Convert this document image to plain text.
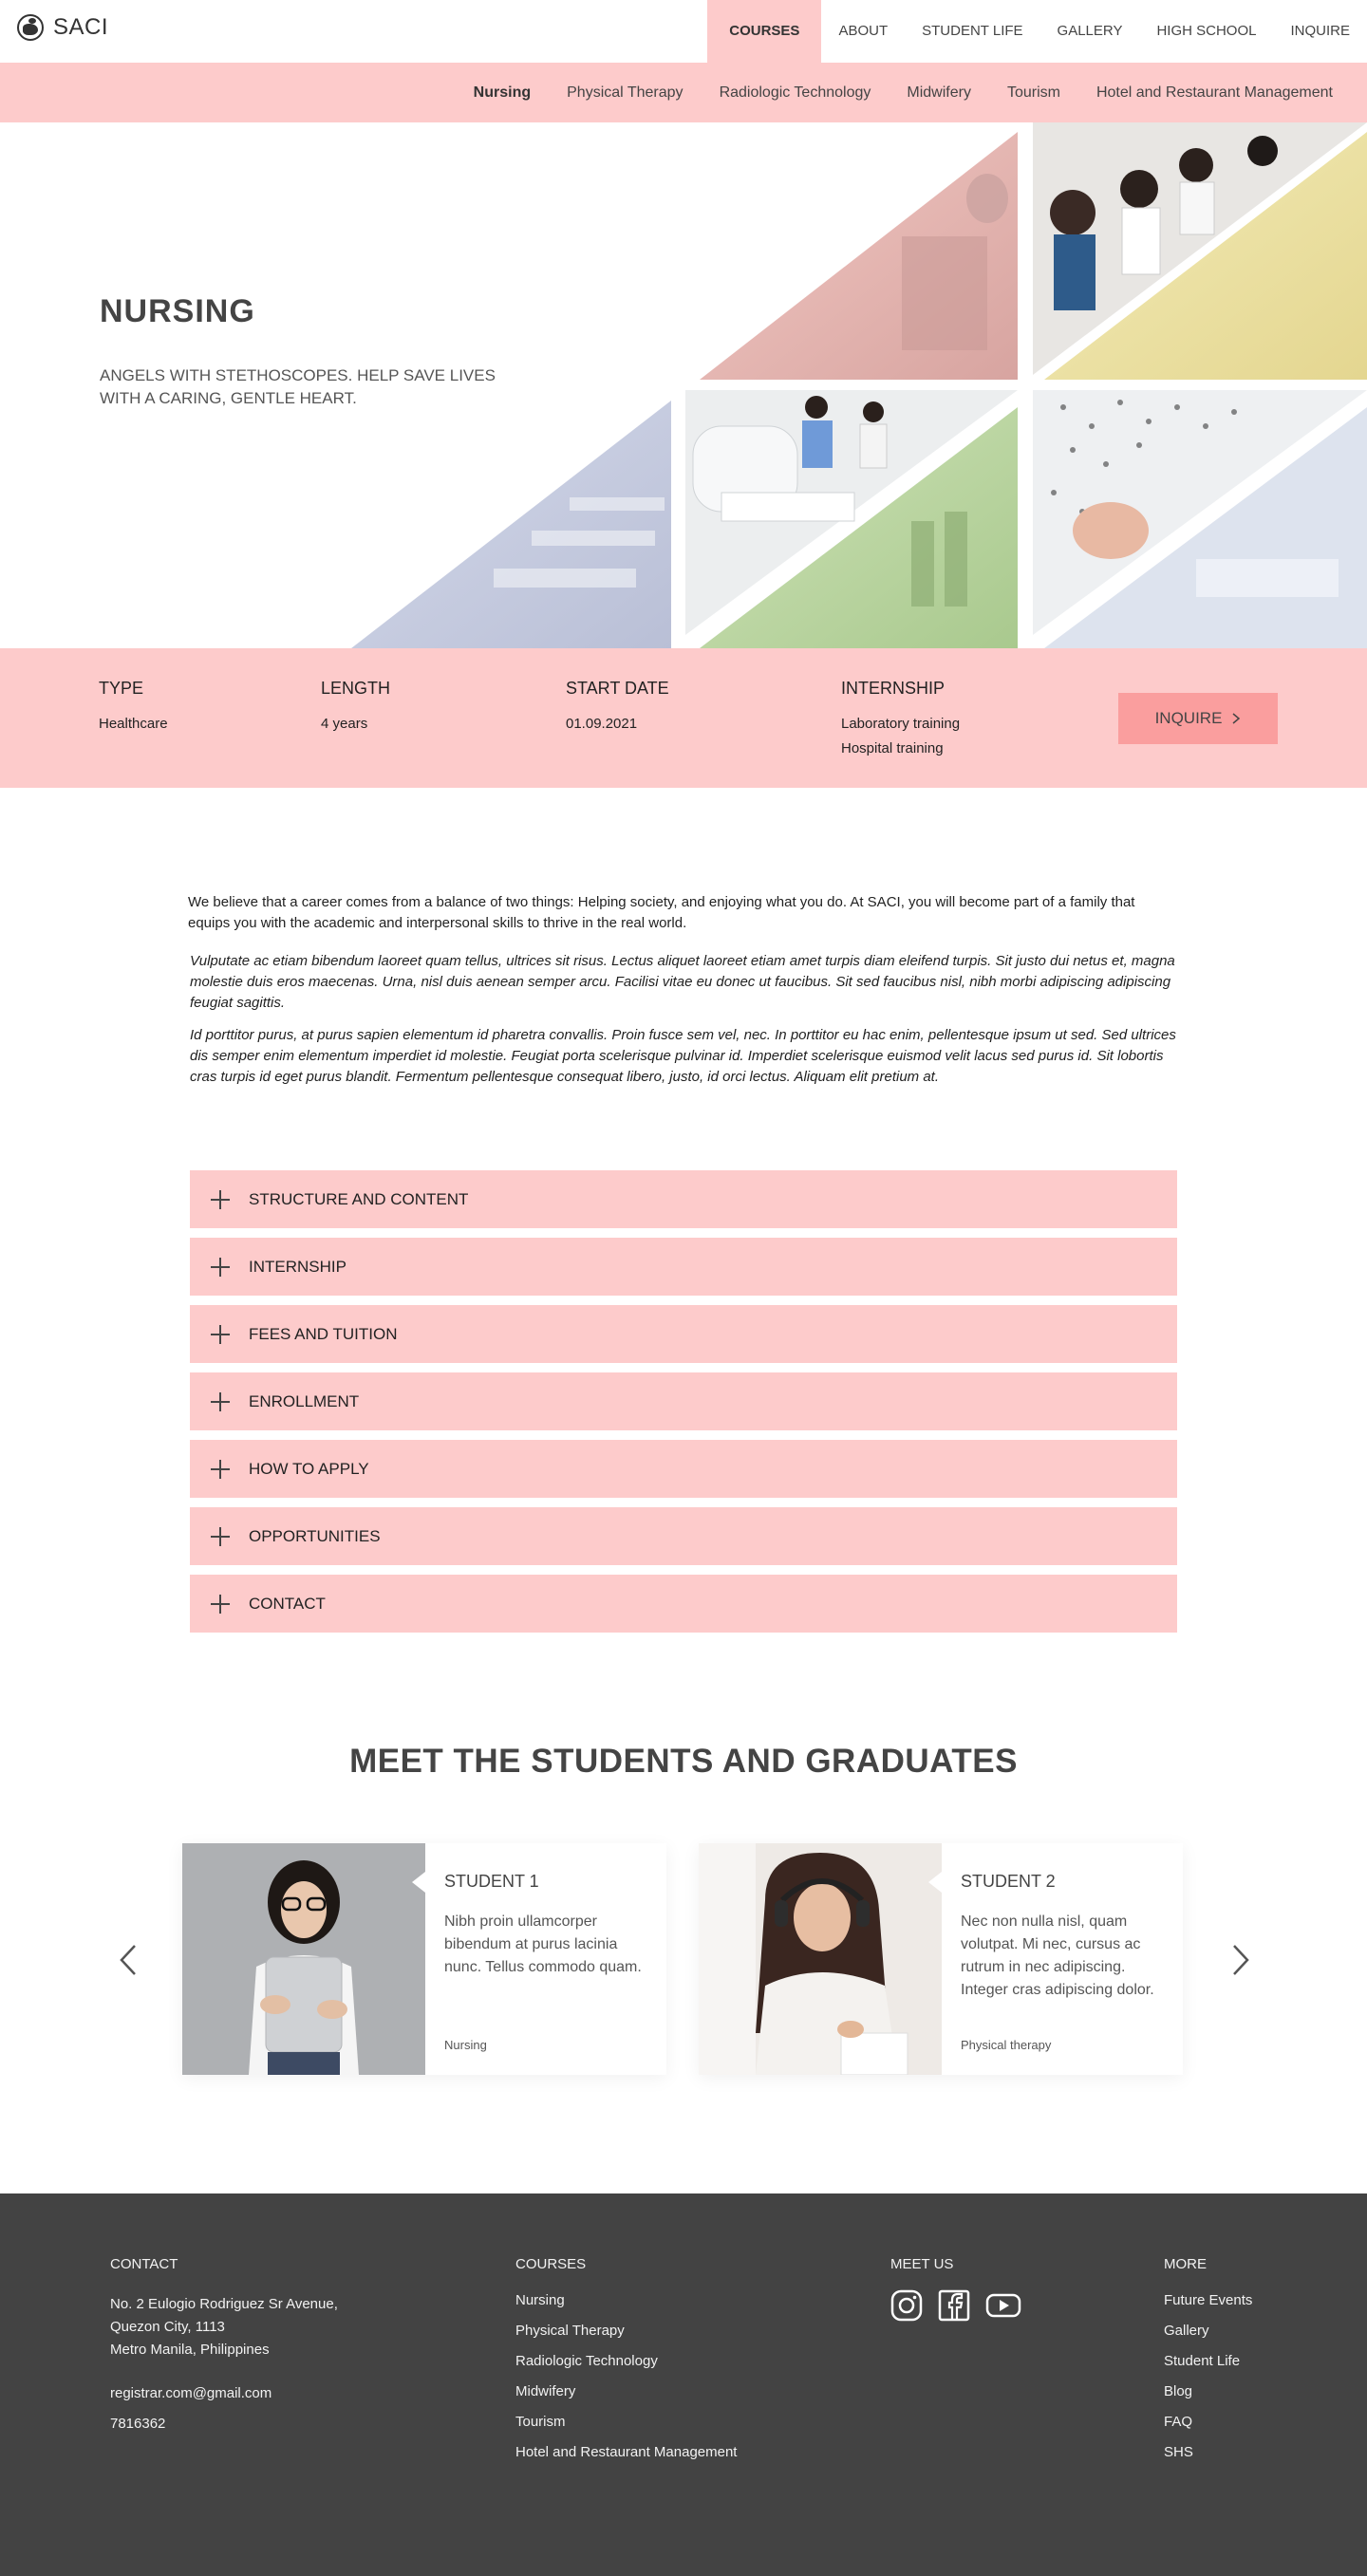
SACI	COURSES	ABOUT	STUDENT LIFE	GALLERY	HIGH SCHOOL	INQUIRE
Nursing Physical Therapy Radiologic Technology Midwifery Tourism Hotel and Restaurant Management
NURSING

ANGELS WITH STETHOSCOPES. HELP SAVE LIVES WITH A CARING, GENTLE HEART.

TYPE
Healthcare
LENGTH
4 years
START DATE
01.09.2021
INTERNSHIP
Laboratory training
Hospital training
INQUIRE

We believe that a career comes from a balance of two things: Helping society, and enjoying what you do. At SACI, you will become part of a family that equips you with the academic and interpersonal skills to thrive in the real world.

Vulputate ac etiam bibendum laoreet quam tellus, ultrices sit risus. Lectus aliquet laoreet etiam amet turpis diam eleifend turpis. Sit justo dui netus et, magna molestie duis eros maecenas. Urna, nisl duis aenean semper arcu. Facilisi vitae eu donec ut faucibus. Sit sed faucibus nisl, nibh morbi adipiscing adipiscing feugiat sagittis.

Id porttitor purus, at purus sapien elementum id pharetra convallis. Proin fusce sem vel, nec. In porttitor eu hac enim, pellentesque ipsum ut sed. Sed ultrices dis semper enim elementum imperdiet id molestie. Feugiat porta scelerisque pulvinar id. Imperdiet scelerisque euismod velit lacus sed purus id. Sit lobortis cras turpis id eget purus blandit. Fermentum pellentesque consequat libero, justo, id orci lectus. Aliquam elit pretium at.

STRUCTURE AND CONTENT
INTERNSHIP
FEES AND TUITION
ENROLLMENT
HOW TO APPLY
OPPORTUNITIES
CONTACT
MEET THE STUDENTS AND GRADUATES
STUDENT 1
Nibh proin ullamcorper bibendum at purus lacinia nunc. Tellus commodo quam.
Nursing
STUDENT 2
Nec non nulla nisl, quam volutpat. Mi nec, cursus ac rutrum in nec adipiscing. Integer cras adipiscing dolor.
Physical therapy
CONTACT
No. 2 Eulogio Rodriguez Sr Avenue,
Quezon City, 1113
Metro Manila, Philippines
registrar.com@gmail.com
7816362
COURSES
Nursing
Physical Therapy
Radiologic Technology
Midwifery
Tourism
Hotel and Restaurant Management
MEET US	MORE
Future Events
Gallery
Student Life
Blog
FAQ
SHS
